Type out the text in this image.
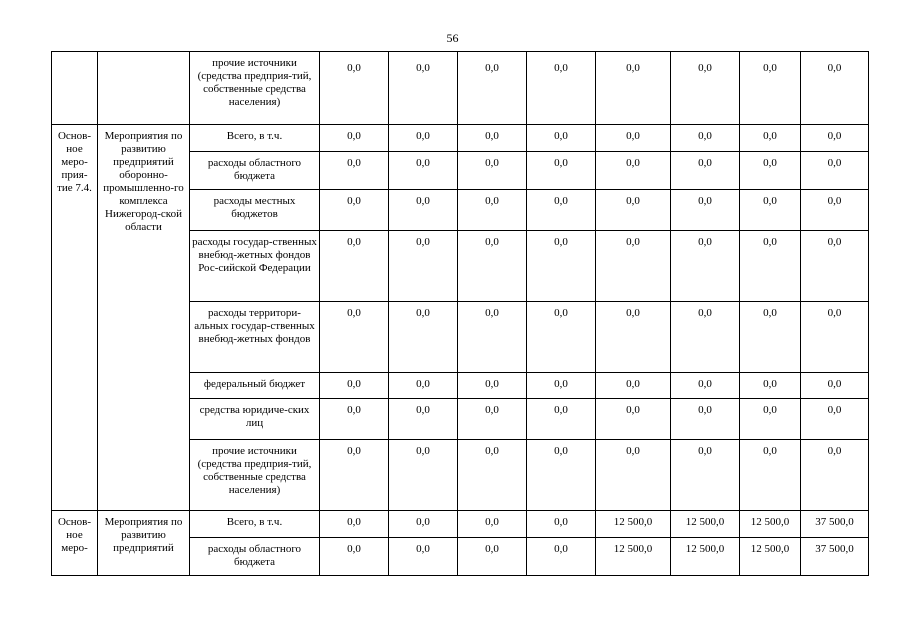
56
		прочие источники (средства предприя-тий, собственные средства населения)	0,0	0,0	0,0	0,0	0,0	0,0	0,0	0,0
Основ-ное меро-прия-тие 7.4.	Мероприятия по развитию предприятий оборонно-промышленно-го комплекса Нижегород-ской области	Всего, в т.ч.	0,0	0,0	0,0	0,0	0,0	0,0	0,0	0,0
		расходы областного бюджета	0,0	0,0	0,0	0,0	0,0	0,0	0,0	0,0
		расходы местных бюджетов	0,0	0,0	0,0	0,0	0,0	0,0	0,0	0,0
		расходы государ-ственных внебюд-жетных фондов Рос-сийской Федерации	0,0	0,0	0,0	0,0	0,0	0,0	0,0	0,0
		расходы территори-альных государ-ственных внебюд-жетных фондов	0,0	0,0	0,0	0,0	0,0	0,0	0,0	0,0
		федеральный бюджет	0,0	0,0	0,0	0,0	0,0	0,0	0,0	0,0
		средства юридиче-ских лиц	0,0	0,0	0,0	0,0	0,0	0,0	0,0	0,0
		прочие источники (средства предприя-тий, собственные средства населения)	0,0	0,0	0,0	0,0	0,0	0,0	0,0	0,0
Основ-ное меро-	Мероприятия по развитию предприятий	Всего, в т.ч.	0,0	0,0	0,0	0,0	12 500,0	12 500,0	12 500,0	37 500,0
		расходы областного бюджета	0,0	0,0	0,0	0,0	12 500,0	12 500,0	12 500,0	37 500,0
